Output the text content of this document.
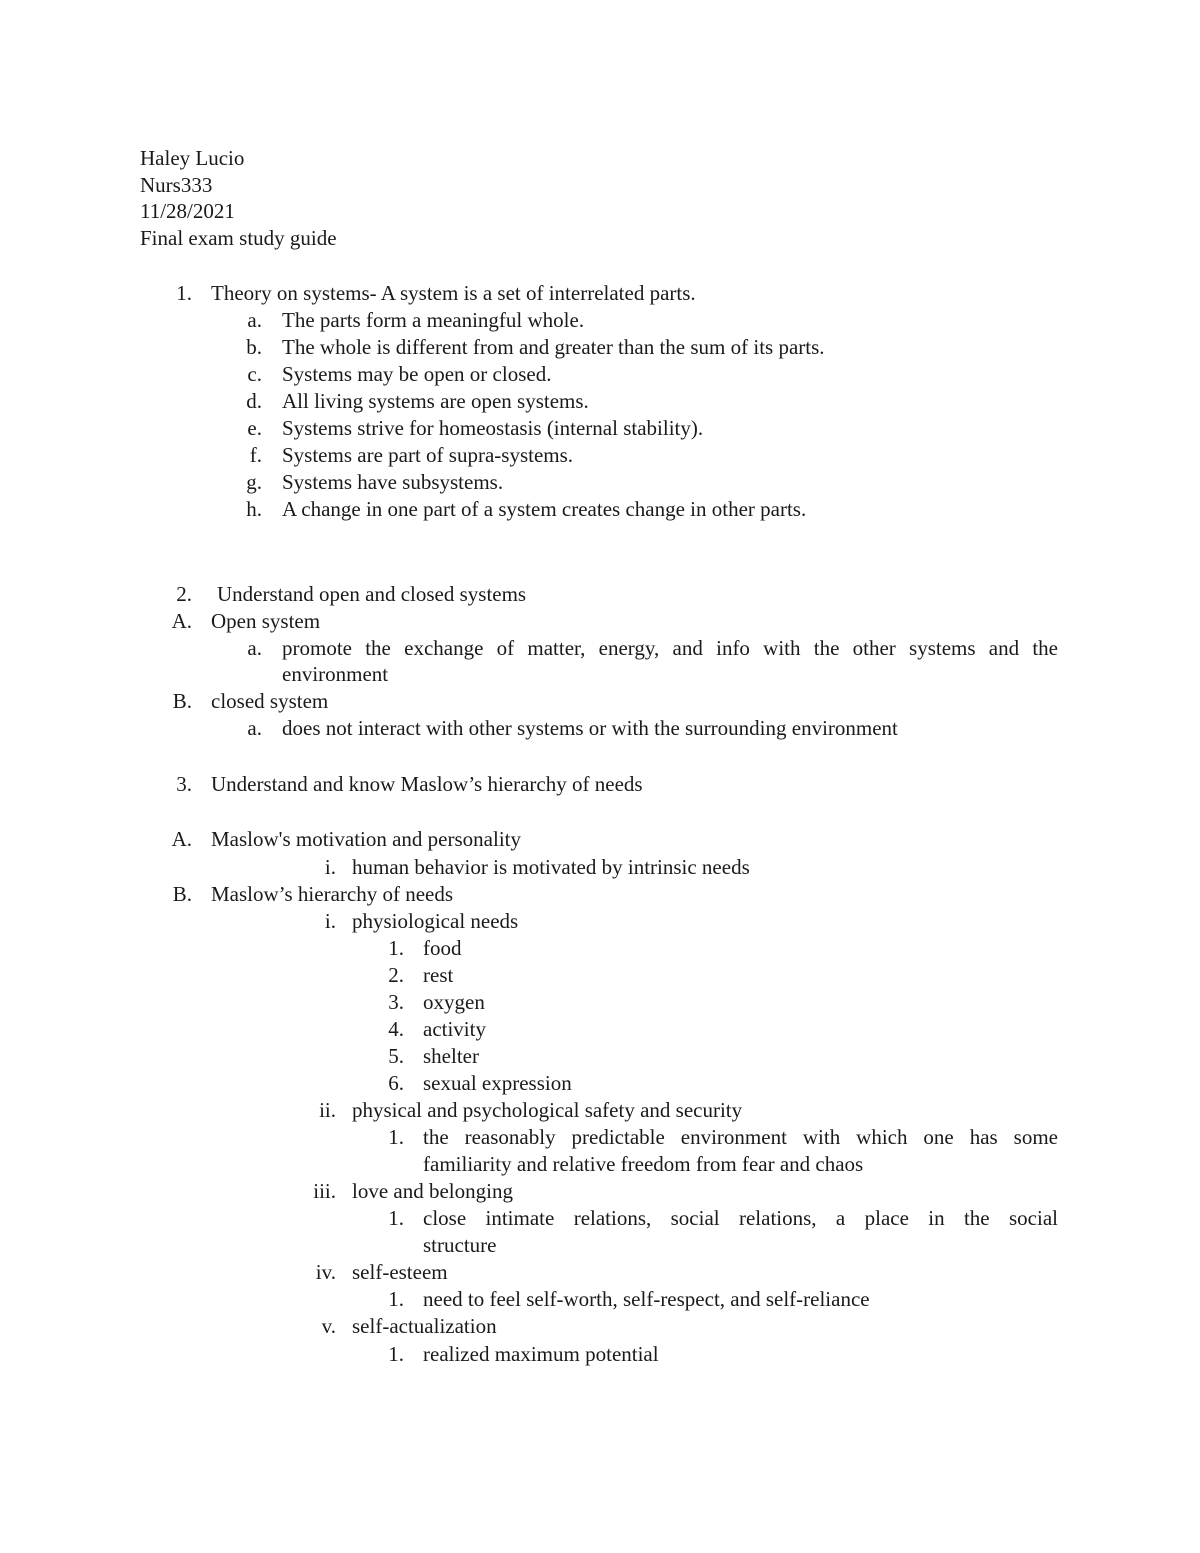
Haley Lucio
Nurs333
11/28/2021
Final exam study guide
1. Theory on systems- A system is a set of interrelated parts.
a. The parts form a meaningful whole.
b. The whole is different from and greater than the sum of its parts.
c. Systems may be open or closed.
d. All living systems are open systems.
e. Systems strive for homeostasis (internal stability).
f. Systems are part of supra-systems.
g. Systems have subsystems.
h. A change in one part of a system creates change in other parts.
2. Understand open and closed systems
A. Open system
a. promote the exchange of matter, energy, and info with the other systems and the
environment
B. closed system
a. does not interact with other systems or with the surrounding environment
3. Understand and know Maslow’s hierarchy of needs
A. Maslow's motivation and personality
i. human behavior is motivated by intrinsic needs
B. Maslow’s hierarchy of needs
i. physiological needs
1. food
2. rest
3. oxygen
4. activity
5. shelter
6. sexual expression
ii. physical and psychological safety and security
1. the reasonably predictable environment with which one has some
familiarity and relative freedom from fear and chaos
iii. love and belonging
1. close intimate relations, social relations, a place in the social
structure
iv. self-esteem
1. need to feel self-worth, self-respect, and self-reliance
v. self-actualization
1. realized maximum potential
